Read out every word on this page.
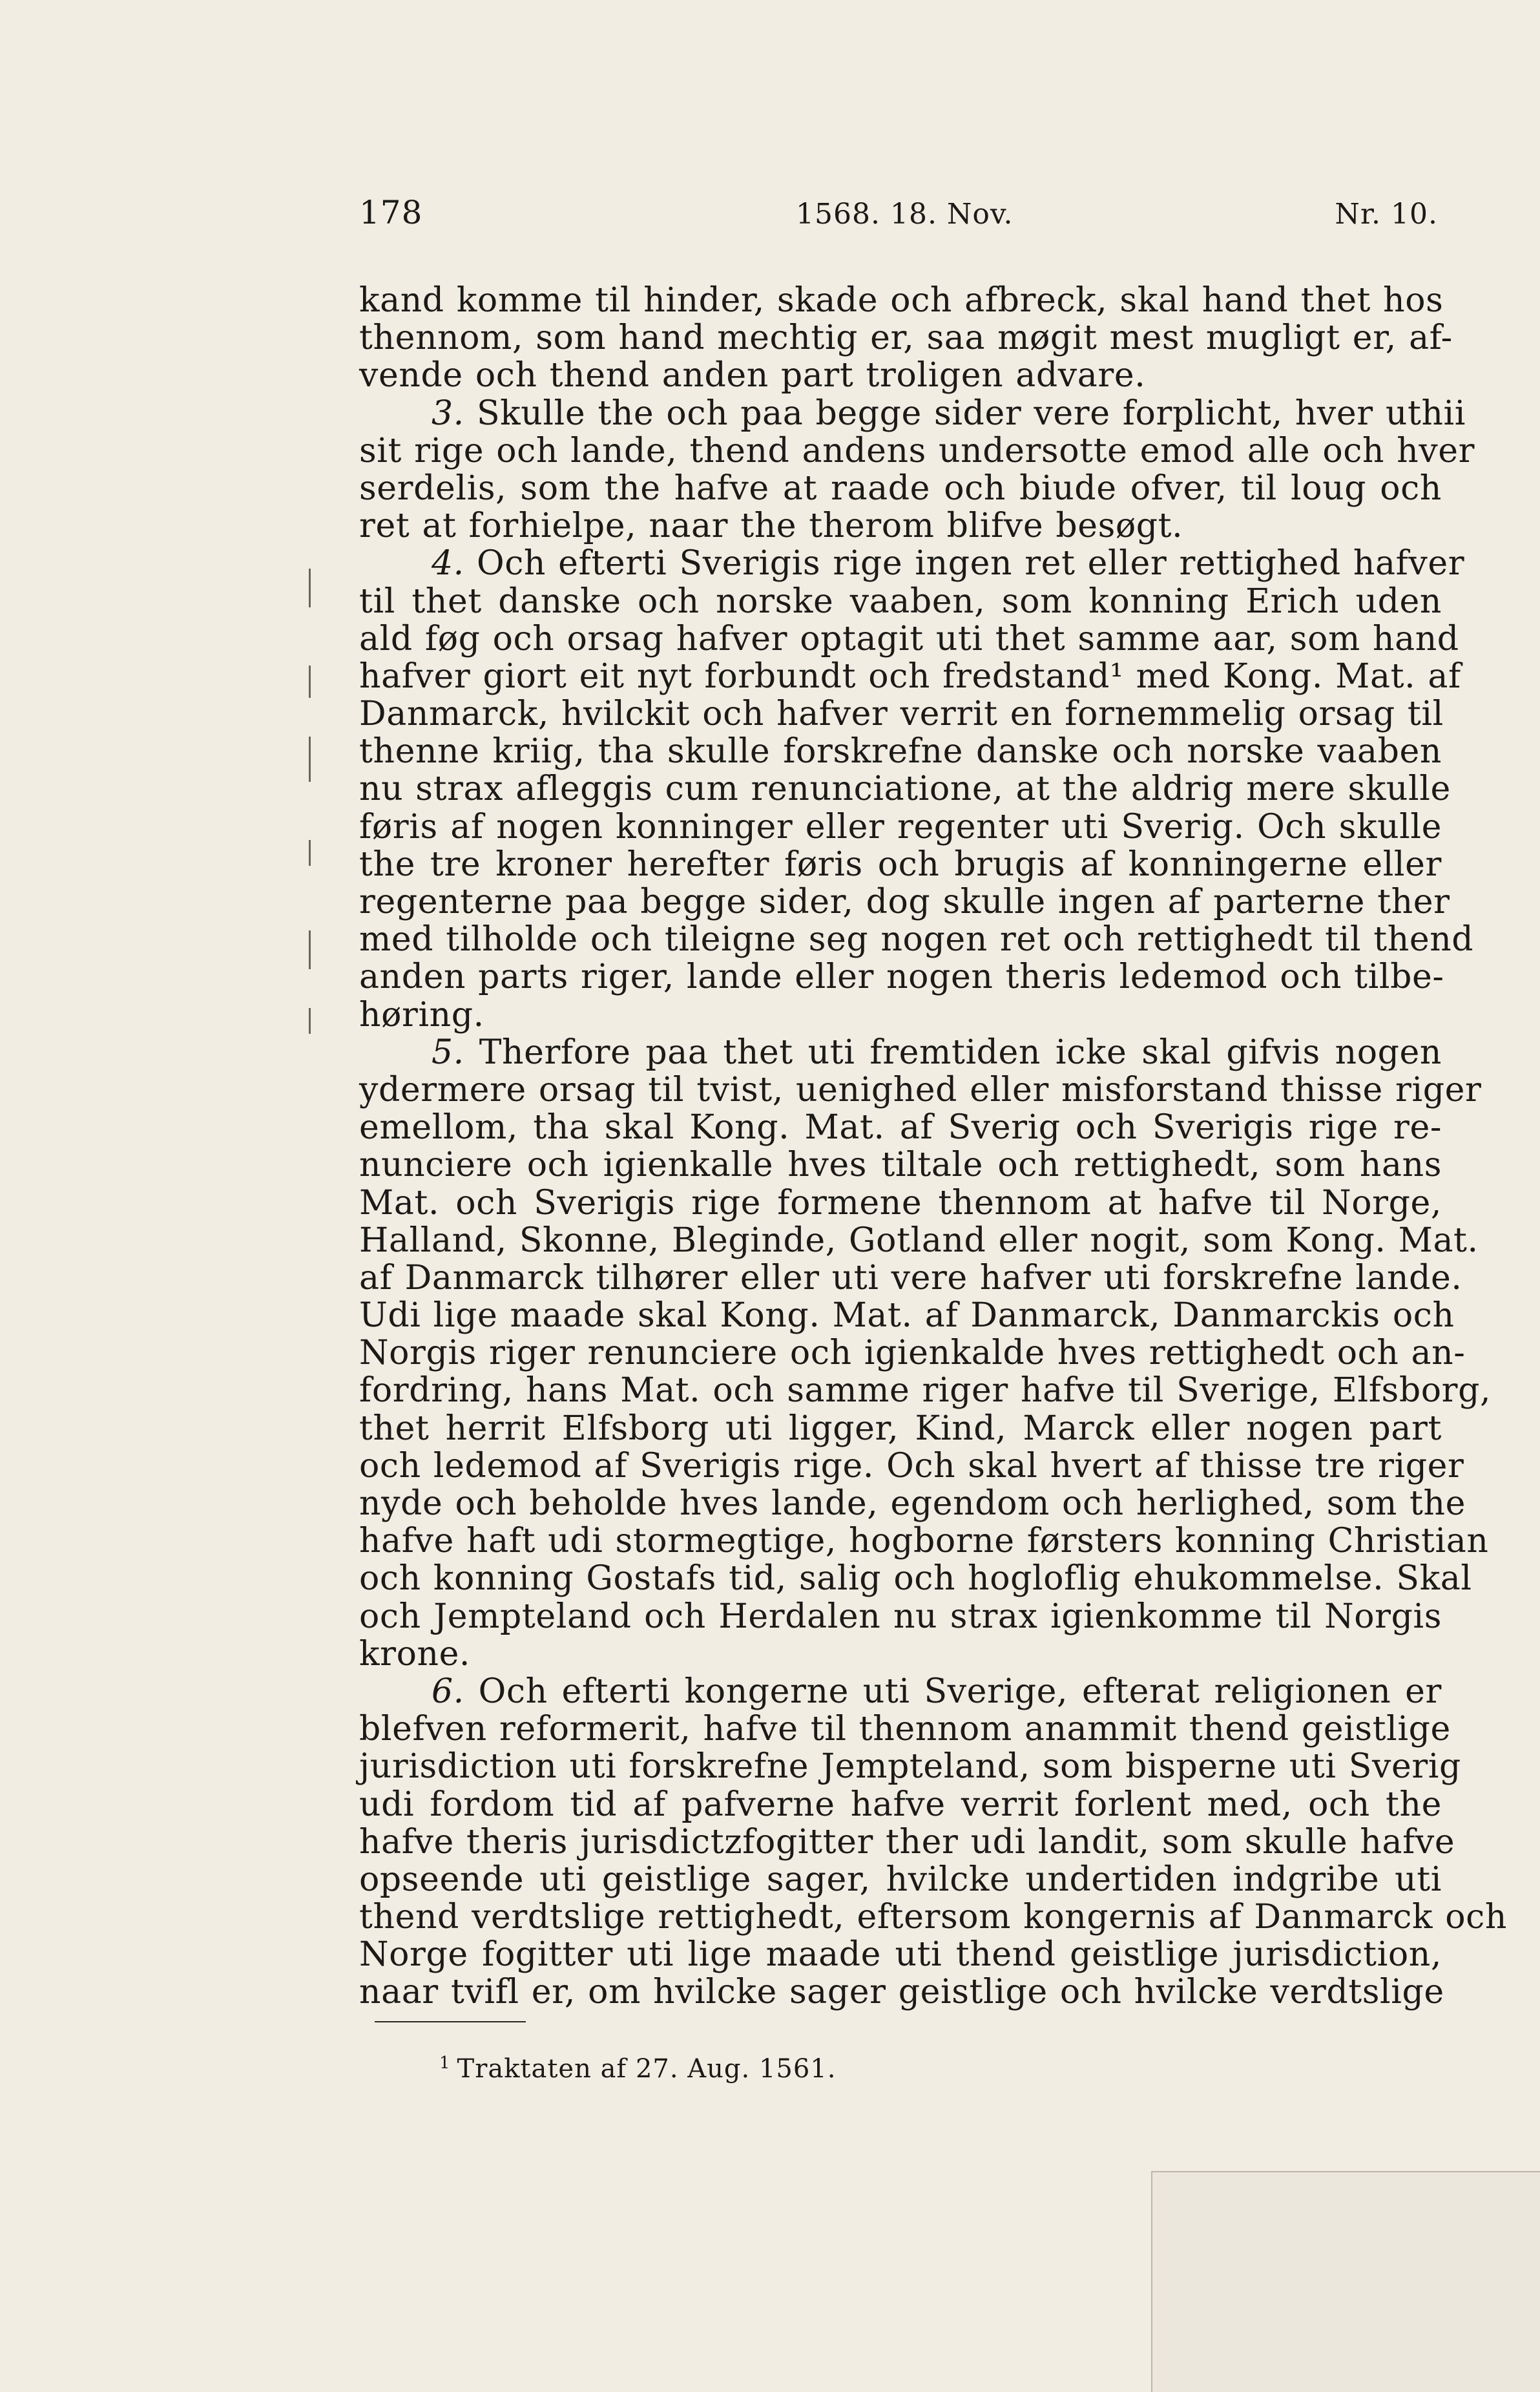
178	1568. 18. Nov.	Nr. 10.
kand komme til hinder, skade och afbreck, skal hand thet hos
thennom, som hand mechtig er, saa møgit mest mugligt er, af-
vende och thend anden part troligen advare.
3. Skulle the och paa begge sider vere forplicht, hver uthii
sit rige och lande, thend andens undersotte emod alle och hver
serdelis, som the hafve at raade och biude ofver, til loug och
ret at forhielpe, naar the therom blifve besøgt.
4. Och efterti Sverigis rige ingen ret eller rettighed hafver
til thet danske och norske vaaben, som konning Erich uden
ald føg och orsag hafver optagit uti thet samme aar, som hand
hafver giort eit nyt forbundt och fredstand¹ med Kong. Mat. af
Danmarck, hvilckit och hafver verrit en fornemmelig orsag til
thenne kriig, tha skulle forskrefne danske och norske vaaben
nu strax afleggis cum renunciatione, at the aldrig mere skulle
føris af nogen konninger eller regenter uti Sverig. Och skulle
the tre kroner herefter føris och brugis af konningerne eller
regenterne paa begge sider, dog skulle ingen af parterne ther
med tilholde och tileigne seg nogen ret och rettighedt til thend
anden parts riger, lande eller nogen theris ledemod och tilbe-
høring.
5. Therfore paa thet uti fremtiden icke skal gifvis nogen
ydermere orsag til tvist, uenighed eller misforstand thisse riger
emellom, tha skal Kong. Mat. af Sverig och Sverigis rige re-
nunciere och igienkalle hves tiltale och rettighedt, som hans
Mat. och Sverigis rige formene thennom at hafve til Norge,
Halland, Skonne, Bleginde, Gotland eller nogit, som Kong. Mat.
af Danmarck tilhører eller uti vere hafver uti forskrefne lande.
Udi lige maade skal Kong. Mat. af Danmarck, Danmarckis och
Norgis riger renunciere och igienkalde hves rettighedt och an-
fordring, hans Mat. och samme riger hafve til Sverige, Elfsborg,
thet herrit Elfsborg uti ligger, Kind, Marck eller nogen part
och ledemod af Sverigis rige. Och skal hvert af thisse tre riger
nyde och beholde hves lande, egendom och herlighed, som the
hafve haft udi stormegtige, hogborne førsters konning Christian
och konning Gostafs tid, salig och hogloflig ehukommelse. Skal
och Jempteland och Herdalen nu strax igienkomme til Norgis
krone.
6. Och efterti kongerne uti Sverige, efterat religionen er
blefven reformerit, hafve til thennom anammit thend geistlige
jurisdiction uti forskrefne Jempteland, som bisperne uti Sverig
udi fordom tid af pafverne hafve verrit forlent med, och the
hafve theris jurisdictzfogitter ther udi landit, som skulle hafve
opseende uti geistlige sager, hvilcke undertiden indgribe uti
thend verdtslige rettighedt, eftersom kongernis af Danmarck och
Norge fogitter uti lige maade uti thend geistlige jurisdiction,
naar tvifl er, om hvilcke sager geistlige och hvilcke verdtslige
$^1$ Traktaten af 27. Aug. 1561.
